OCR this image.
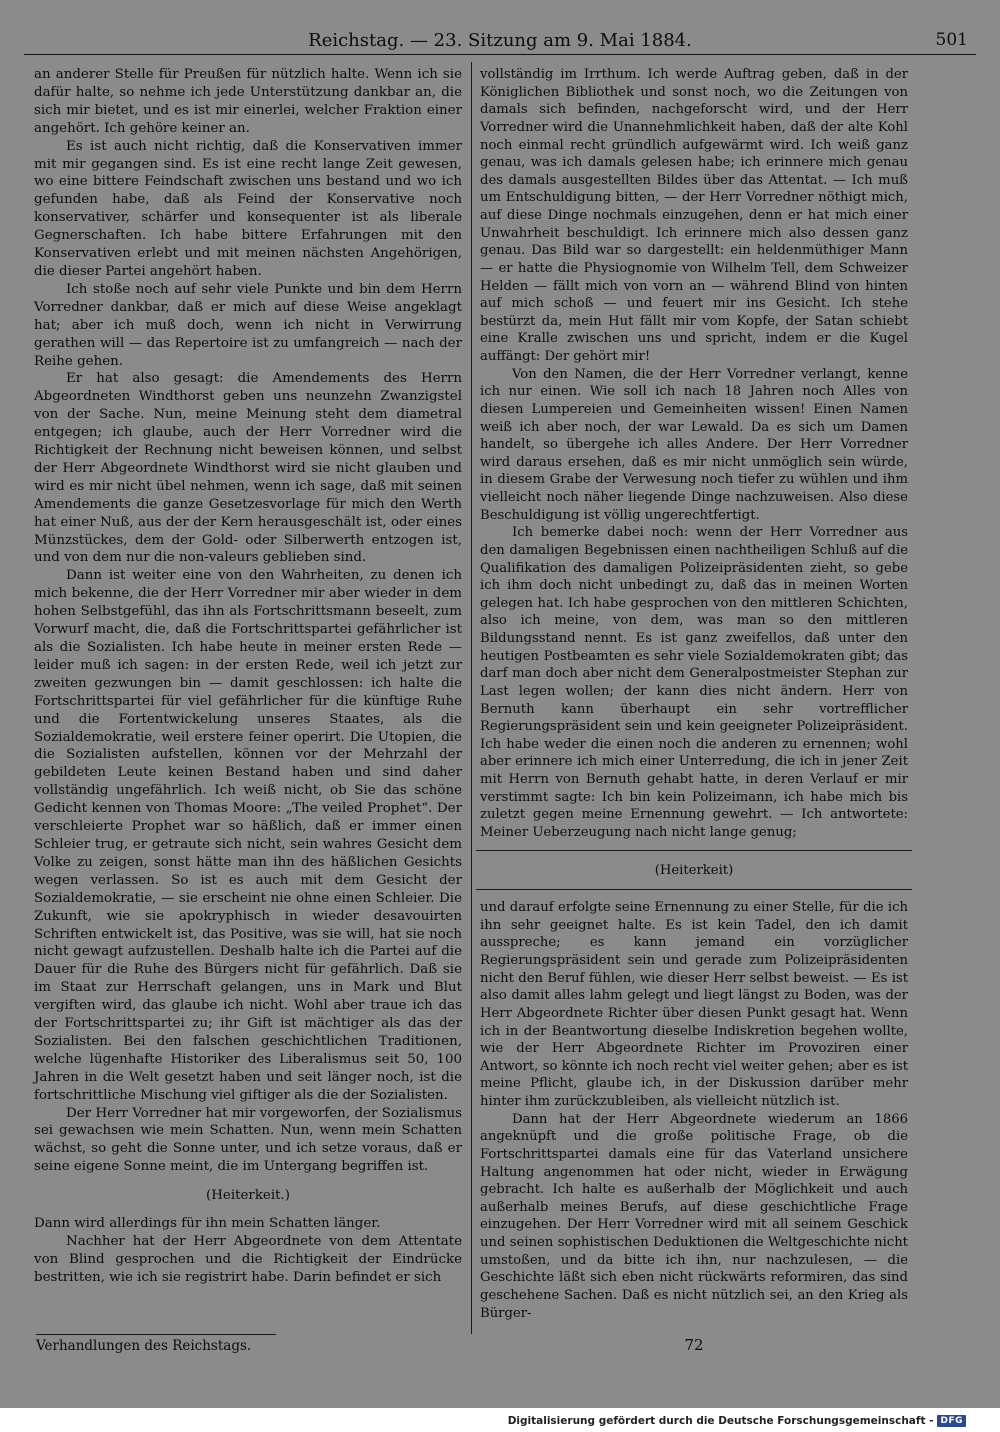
Reichstag. — 23. Sitzung am 9. Mai 1884.	501

an anderer Stelle für Preußen für nützlich halte. Wenn ich sie dafür halte, so nehme ich jede Unterstützung dankbar an, die sich mir bietet, und es ist mir einerlei, welcher Fraktion einer angehört. Ich gehöre keiner an.

Es ist auch nicht richtig, daß die Konservativen immer mit mir gegangen sind. Es ist eine recht lange Zeit gewesen, wo eine bittere Feindschaft zwischen uns bestand und wo ich gefunden habe, daß als Feind der Konservative noch konservativer, schärfer und konsequenter ist als liberale Gegnerschaften. Ich habe bittere Erfahrungen mit den Konservativen erlebt und mit meinen nächsten Angehörigen, die dieser Partei angehört haben.

Ich stoße noch auf sehr viele Punkte und bin dem Herrn Vorredner dankbar, daß er mich auf diese Weise angeklagt hat; aber ich muß doch, wenn ich nicht in Verwirrung gerathen will — das Repertoire ist zu umfangreich — nach der Reihe gehen.

Er hat also gesagt: die Amendements des Herrn Abgeordneten Windthorst geben uns neunzehn Zwanzigstel von der Sache. Nun, meine Meinung steht dem diametral entgegen; ich glaube, auch der Herr Vorredner wird die Richtigkeit der Rechnung nicht beweisen können, und selbst der Herr Abgeordnete Windthorst wird sie nicht glauben und wird es mir nicht übel nehmen, wenn ich sage, daß mit seinen Amendements die ganze Gesetzesvorlage für mich den Werth hat einer Nuß, aus der der Kern herausgeschält ist, oder eines Münzstückes, dem der Gold- oder Silberwerth entzogen ist, und von dem nur die non-valeurs geblieben sind.

Dann ist weiter eine von den Wahrheiten, zu denen ich mich bekenne, die der Herr Vorredner mir aber wieder in dem hohen Selbstgefühl, das ihn als Fortschrittsmann beseelt, zum Vorwurf macht, die, daß die Fortschrittspartei gefährlicher ist als die Sozialisten. Ich habe heute in meiner ersten Rede — leider muß ich sagen: in der ersten Rede, weil ich jetzt zur zweiten gezwungen bin — damit geschlossen: ich halte die Fortschrittspartei für viel gefährlicher für die künftige Ruhe und die Fortentwickelung unseres Staates, als die Sozialdemokratie, weil erstere feiner operirt. Die Utopien, die die Sozialisten aufstellen, können vor der Mehrzahl der gebildeten Leute keinen Bestand haben und sind daher vollständig ungefährlich. Ich weiß nicht, ob Sie das schöne Gedicht kennen von Thomas Moore: „The veiled Prophet“. Der verschleierte Prophet war so häßlich, daß er immer einen Schleier trug, er getraute sich nicht, sein wahres Gesicht dem Volke zu zeigen, sonst hätte man ihn des häßlichen Gesichts wegen verlassen. So ist es auch mit dem Gesicht der Sozialdemokratie, — sie erscheint nie ohne einen Schleier. Die Zukunft, wie sie apokryphisch in wieder desavouirten Schriften entwickelt ist, das Positive, was sie will, hat sie noch nicht gewagt aufzustellen. Deshalb halte ich die Partei auf die Dauer für die Ruhe des Bürgers nicht für gefährlich. Daß sie im Staat zur Herrschaft gelangen, uns in Mark und Blut vergiften wird, das glaube ich nicht. Wohl aber traue ich das der Fortschrittspartei zu; ihr Gift ist mächtiger als das der Sozialisten. Bei den falschen geschichtlichen Traditionen, welche lügenhafte Historiker des Liberalismus seit 50, 100 Jahren in die Welt gesetzt haben und seit länger noch, ist die fortschrittliche Mischung viel giftiger als die der Sozialisten.

Der Herr Vorredner hat mir vorgeworfen, der Sozialismus sei gewachsen wie mein Schatten. Nun, wenn mein Schatten wächst, so geht die Sonne unter, und ich setze voraus, daß er seine eigene Sonne meint, die im Untergang begriffen ist.

(Heiterkeit.)

Dann wird allerdings für ihn mein Schatten länger.

Nachher hat der Herr Abgeordnete von dem Attentate von Blind gesprochen und die Richtigkeit der Eindrücke bestritten, wie ich sie registrirt habe. Darin befindet er sich

vollständig im Irrthum. Ich werde Auftrag geben, daß in der Königlichen Bibliothek und sonst noch, wo die Zeitungen von damals sich befinden, nachgeforscht wird, und der Herr Vorredner wird die Unannehmlichkeit haben, daß der alte Kohl noch einmal recht gründlich aufgewärmt wird. Ich weiß ganz genau, was ich damals gelesen habe; ich erinnere mich genau des damals ausgestellten Bildes über das Attentat. — Ich muß um Entschuldigung bitten, — der Herr Vorredner nöthigt mich, auf diese Dinge nochmals einzugehen, denn er hat mich einer Unwahrheit beschuldigt. Ich erinnere mich also dessen ganz genau. Das Bild war so dargestellt: ein heldenmüthiger Mann — er hatte die Physiognomie von Wilhelm Tell, dem Schweizer Helden — fällt mich von vorn an — während Blind von hinten auf mich schoß — und feuert mir ins Gesicht. Ich stehe bestürzt da, mein Hut fällt mir vom Kopfe, der Satan schiebt eine Kralle zwischen uns und spricht, indem er die Kugel auffängt: Der gehört mir!

Von den Namen, die der Herr Vorredner verlangt, kenne ich nur einen. Wie soll ich nach 18 Jahren noch Alles von diesen Lumpereien und Gemeinheiten wissen! Einen Namen weiß ich aber noch, der war Lewald. Da es sich um Damen handelt, so übergehe ich alles Andere. Der Herr Vorredner wird daraus ersehen, daß es mir nicht unmöglich sein würde, in diesem Grabe der Verwesung noch tiefer zu wühlen und ihm vielleicht noch näher liegende Dinge nachzuweisen. Also diese Beschuldigung ist völlig ungerechtfertigt.

Ich bemerke dabei noch: wenn der Herr Vorredner aus den damaligen Begebnissen einen nachtheiligen Schluß auf die Qualifikation des damaligen Polizeipräsidenten zieht, so gebe ich ihm doch nicht unbedingt zu, daß das in meinen Worten gelegen hat. Ich habe gesprochen von den mittleren Schichten, also ich meine, von dem, was man so den mittleren Bildungsstand nennt. Es ist ganz zweifellos, daß unter den heutigen Postbeamten es sehr viele Sozialdemokraten gibt; das darf man doch aber nicht dem Generalpostmeister Stephan zur Last legen wollen; der kann dies nicht ändern. Herr von Bernuth kann überhaupt ein sehr vortrefflicher Regierungspräsident sein und kein geeigneter Polizeipräsident. Ich habe weder die einen noch die anderen zu ernennen; wohl aber erinnere ich mich einer Unterredung, die ich in jener Zeit mit Herrn von Bernuth gehabt hatte, in deren Verlauf er mir verstimmt sagte: Ich bin kein Polizeimann, ich habe mich bis zuletzt gegen meine Ernennung gewehrt. — Ich antwortete: Meiner Ueberzeugung nach nicht lange genug;

(Heiterkeit)

und darauf erfolgte seine Ernennung zu einer Stelle, für die ich ihn sehr geeignet halte. Es ist kein Tadel, den ich damit ausspreche; es kann jemand ein vorzüglicher Regierungspräsident sein und gerade zum Polizeipräsidenten nicht den Beruf fühlen, wie dieser Herr selbst beweist. — Es ist also damit alles lahm gelegt und liegt längst zu Boden, was der Herr Abgeordnete Richter über diesen Punkt gesagt hat. Wenn ich in der Beantwortung dieselbe Indiskretion begehen wollte, wie der Herr Abgeordnete Richter im Provoziren einer Antwort, so könnte ich noch recht viel weiter gehen; aber es ist meine Pflicht, glaube ich, in der Diskussion darüber mehr hinter ihm zurückzubleiben, als vielleicht nützlich ist.

Dann hat der Herr Abgeordnete wiederum an 1866 angeknüpft und die große politische Frage, ob die Fortschrittspartei damals eine für das Vaterland unsichere Haltung angenommen hat oder nicht, wieder in Erwägung gebracht. Ich halte es außerhalb der Möglichkeit und auch außerhalb meines Berufs, auf diese geschichtliche Frage einzugehen. Der Herr Vorredner wird mit all seinem Geschick und seinen sophistischen Deduktionen die Weltgeschichte nicht umstoßen, und da bitte ich ihn, nur nachzulesen, — die Geschichte läßt sich eben nicht rückwärts reformiren, das sind geschehene Sachen. Daß es nicht nützlich sei, an den Krieg als Bürger-

Verhandlungen des Reichstags.	72
Digitalisierung gefördert durch die Deutsche Forschungsgemeinschaft - DFG
